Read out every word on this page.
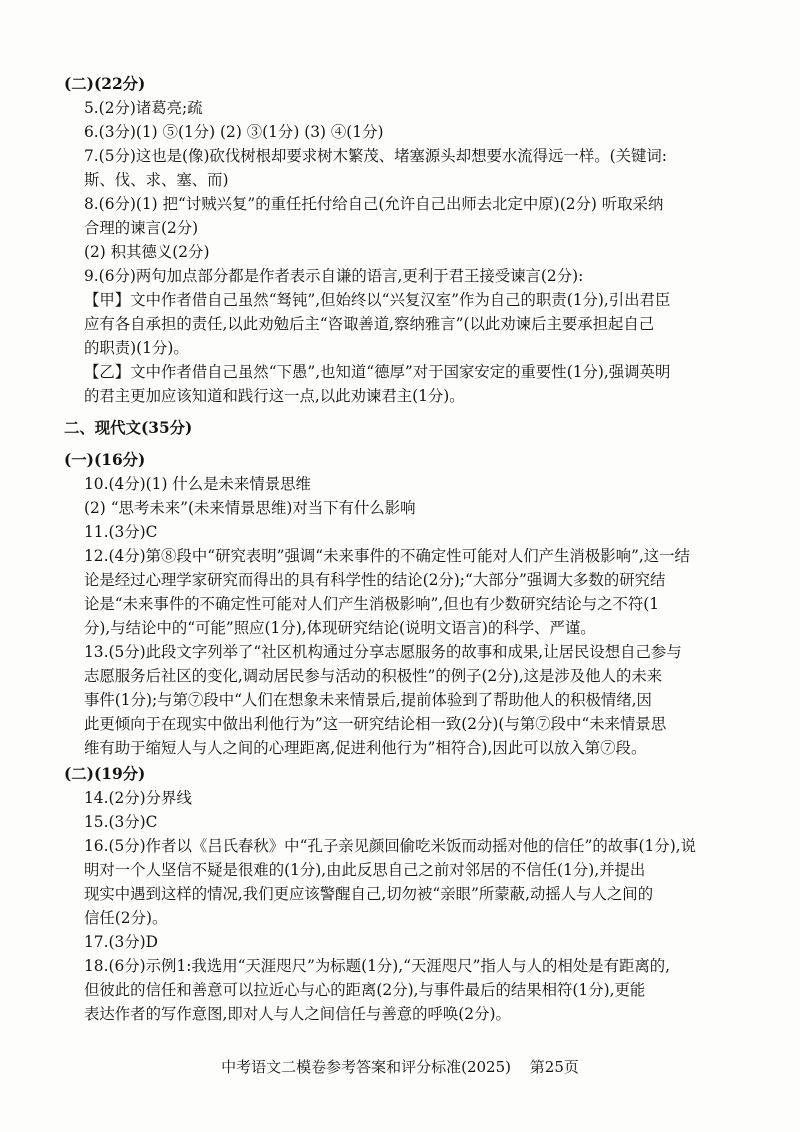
(二)(22分)
5.(2分)诸葛亮;疏
6.(3分)(1) ⑤(1分) (2) ③(1分) (3) ④(1分)
7.(5分)这也是(像)砍伐树根却要求树木繁茂、堵塞源头却想要水流得远一样。(关键词:
斯、伐、求、塞、而)
8.(6分)(1) 把“讨贼兴复”的重任托付给自己(允许自己出师去北定中原)(2分) 听取采纳
合理的谏言(2分)
(2) 积其德义(2分)
9.(6分)两句加点部分都是作者表示自谦的语言,更利于君王接受谏言(2分):
【甲】文中作者借自己虽然“驽钝”,但始终以“兴复汉室”作为自己的职责(1分),引出君臣
应有各自承担的责任,以此劝勉后主“咨诹善道,察纳雅言”(以此劝谏后主要承担起自己
的职责)(1分)。
【乙】文中作者借自己虽然“下愚”,也知道“德厚”对于国家安定的重要性(1分),强调英明
的君主更加应该知道和践行这一点,以此劝谏君主(1分)。
二、现代文(35分)
(一)(16分)
10.(4分)(1) 什么是未来情景思维
(2) “思考未来”(未来情景思维)对当下有什么影响
11.(3分)C
12.(4分)第⑧段中“研究表明”强调“未来事件的不确定性可能对人们产生消极影响”,这一结
论是经过心理学家研究而得出的具有科学性的结论(2分);“大部分”强调大多数的研究结
论是“未来事件的不确定性可能对人们产生消极影响”,但也有少数研究结论与之不符(1
分),与结论中的“可能”照应(1分),体现研究结论(说明文语言)的科学、严谨。
13.(5分)此段文字列举了“社区机构通过分享志愿服务的故事和成果,让居民设想自己参与
志愿服务后社区的变化,调动居民参与活动的积极性”的例子(2分),这是涉及他人的未来
事件(1分);与第⑦段中“人们在想象未来情景后,提前体验到了帮助他人的积极情绪,因
此更倾向于在现实中做出利他行为”这一研究结论相一致(2分)(与第⑦段中“未来情景思
维有助于缩短人与人之间的心理距离,促进利他行为”相符合),因此可以放入第⑦段。
(二)(19分)
14.(2分)分界线
15.(3分)C
16.(5分)作者以《吕氏春秋》中“孔子亲见颜回偷吃米饭而动摇对他的信任”的故事(1分),说
明对一个人坚信不疑是很难的(1分),由此反思自己之前对邻居的不信任(1分),并提出
现实中遇到这样的情况,我们更应该警醒自己,切勿被“亲眼”所蒙蔽,动摇人与人之间的
信任(2分)。
17.(3分)D
18.(6分)示例1:我选用“天涯咫尺”为标题(1分),“天涯咫尺”指人与人的相处是有距离的,
但彼此的信任和善意可以拉近心与心的距离(2分),与事件最后的结果相符(1分),更能
表达作者的写作意图,即对人与人之间信任与善意的呼唤(2分)。
中考语文二模卷参考答案和评分标准(2025) 第25页
